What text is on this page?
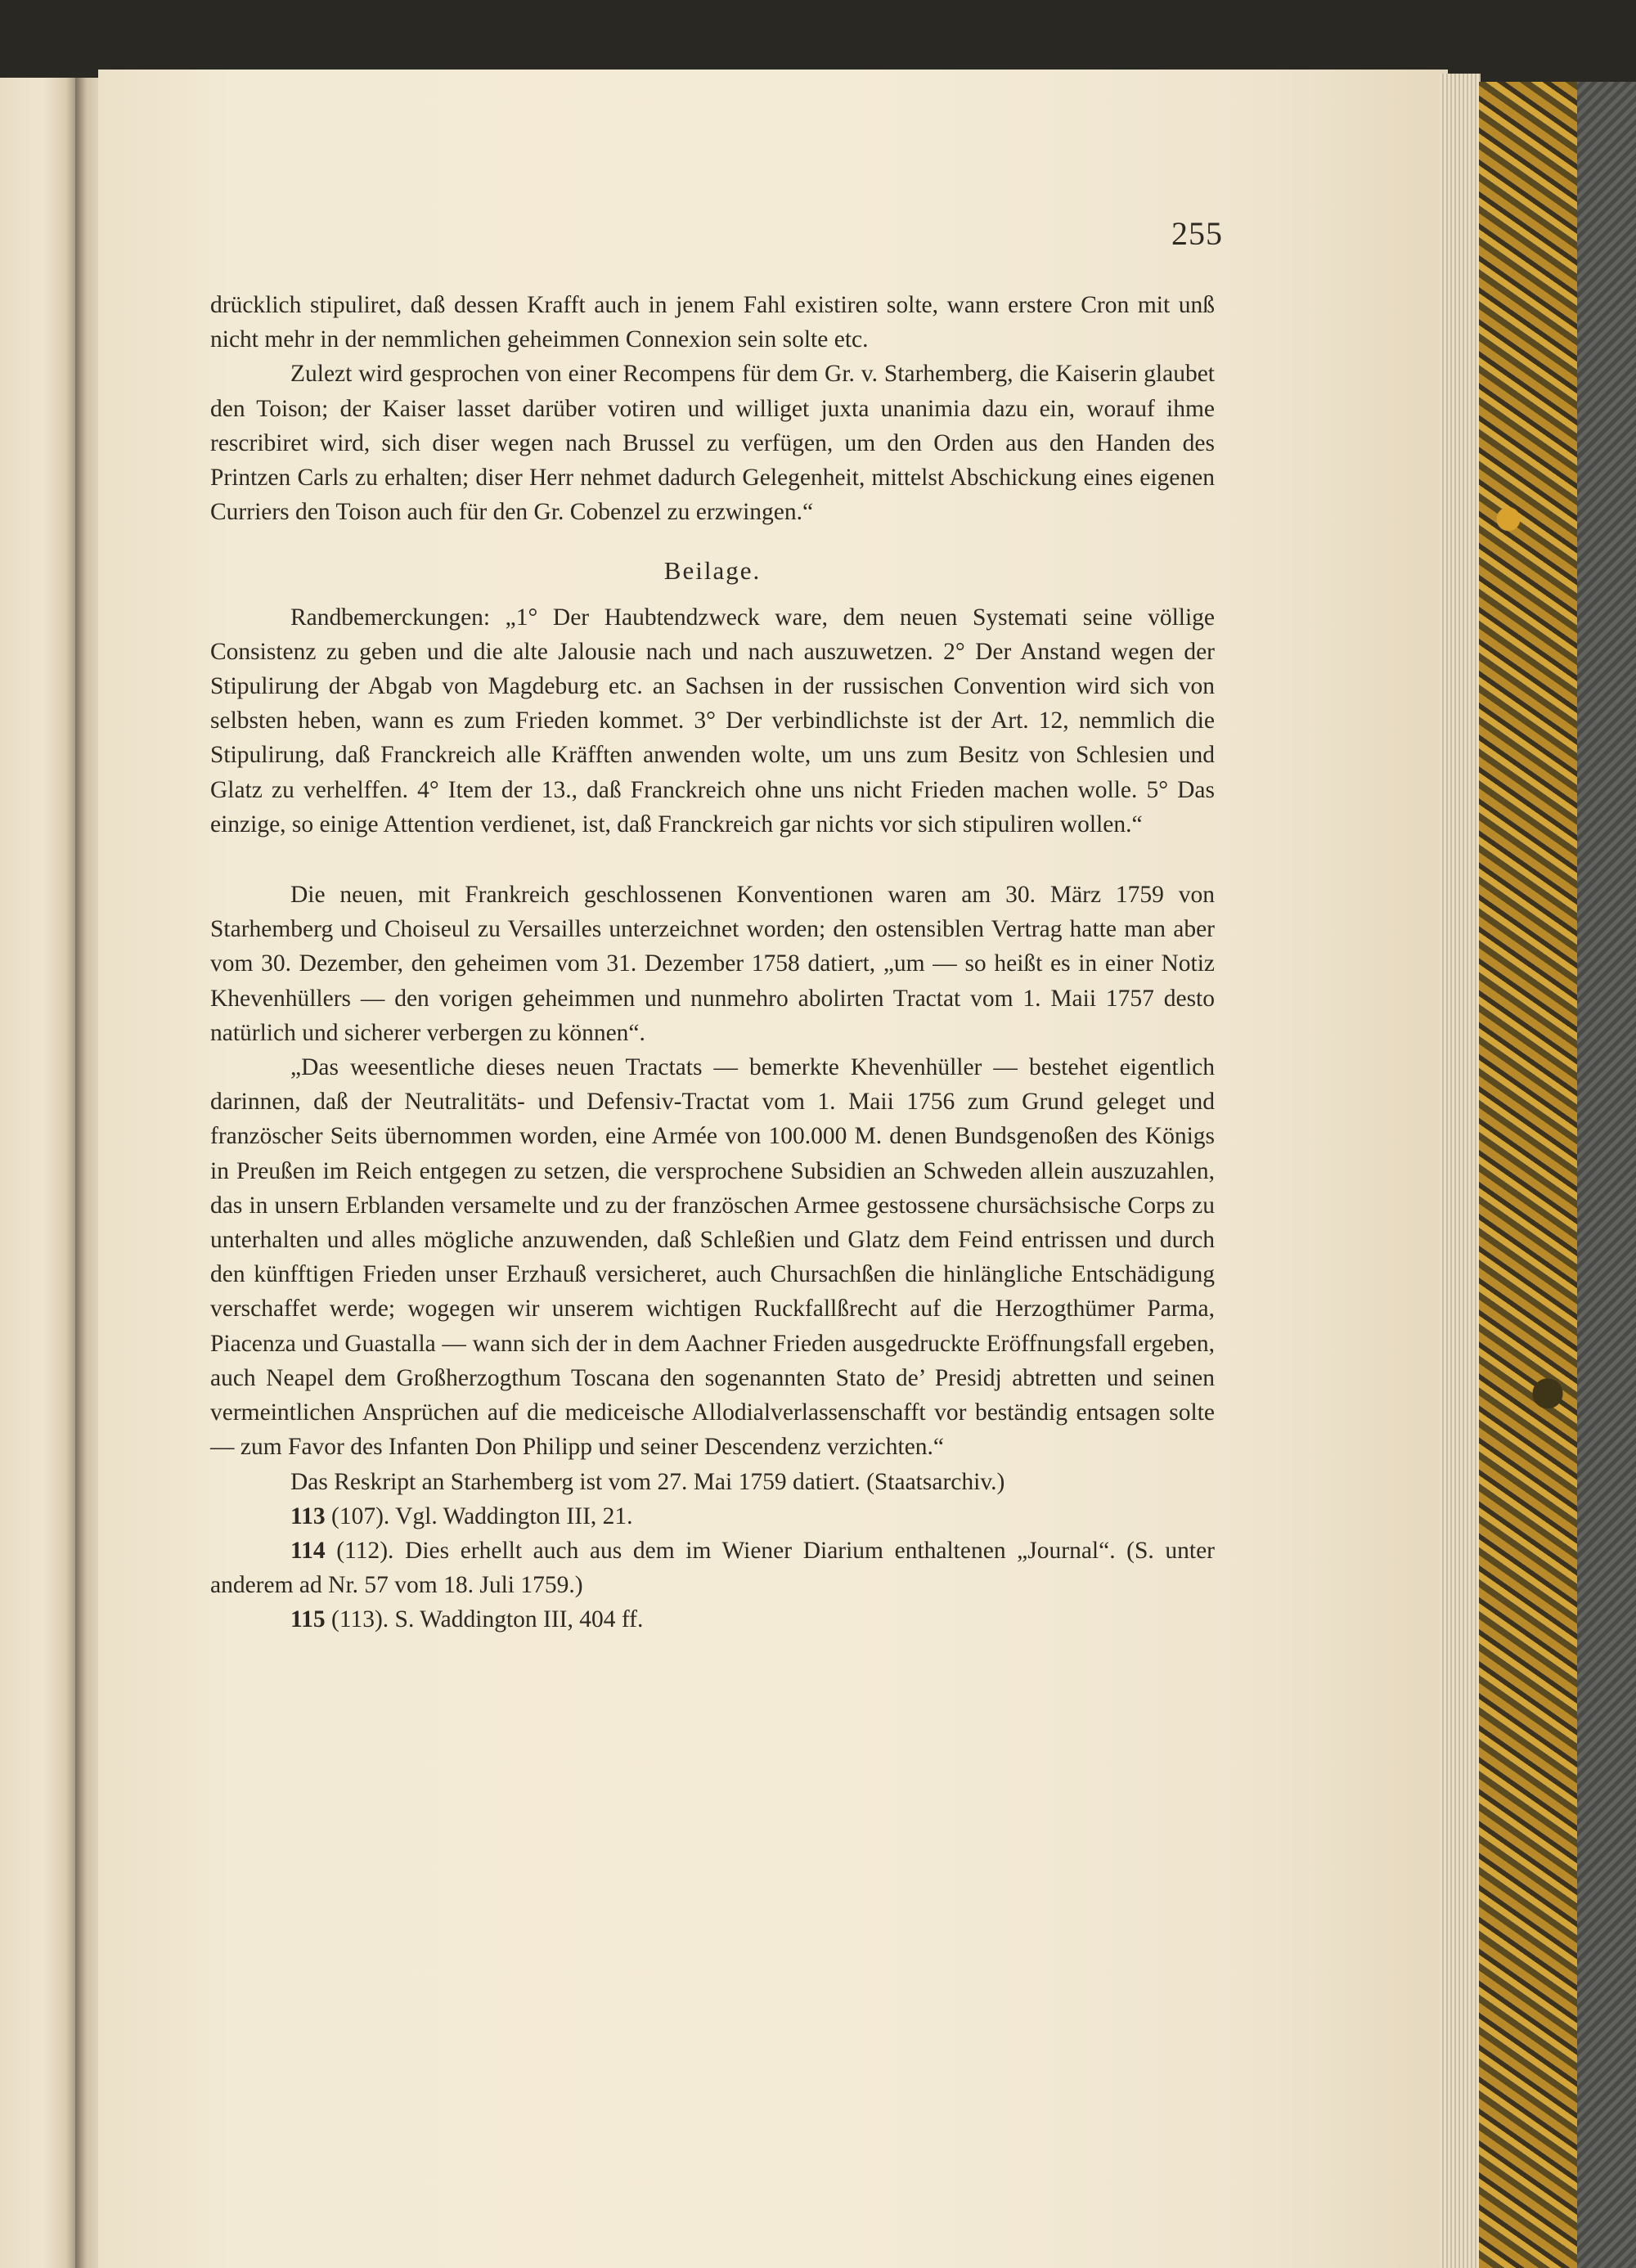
255

drücklich stipuliret, daß dessen Krafft auch in jenem Fahl existiren solte, wann erstere Cron mit unß nicht mehr in der nemmlichen geheimmen Connexion sein solte etc.

Zulezt wird gesprochen von einer Recompens für dem Gr. v. Starhemberg, die Kaiserin glaubet den Toison; der Kaiser lasset darüber votiren und williget juxta unanimia dazu ein, worauf ihme rescribiret wird, sich diser wegen nach Brussel zu verfügen, um den Orden aus den Handen des Printzen Carls zu erhalten; diser Herr nehmet dadurch Gelegenheit, mittelst Abschickung eines eigenen Curriers den Toison auch für den Gr. Cobenzel zu erzwingen.“

Beilage.

Randbemerckungen: „1° Der Haubtendzweck ware, dem neuen Systemati seine völlige Consistenz zu geben und die alte Jalousie nach und nach auszuwetzen. 2° Der Anstand wegen der Stipulirung der Abgab von Magdeburg etc. an Sachsen in der russischen Convention wird sich von selbsten heben, wann es zum Frieden kommet. 3° Der verbindlichste ist der Art. 12, nemmlich die Stipulirung, daß Franckreich alle Kräfften anwenden wolte, um uns zum Besitz von Schlesien und Glatz zu verhelffen. 4° Item der 13., daß Franckreich ohne uns nicht Frieden machen wolle. 5° Das einzige, so einige Attention verdienet, ist, daß Franckreich gar nichts vor sich stipuliren wollen.“

Die neuen, mit Frankreich geschlossenen Konventionen waren am 30. März 1759 von Starhemberg und Choiseul zu Versailles unterzeichnet worden; den ostensiblen Vertrag hatte man aber vom 30. Dezember, den geheimen vom 31. Dezember 1758 datiert, „um — so heißt es in einer Notiz Khevenhüllers — den vorigen geheimmen und nunmehro abolirten Tractat vom 1. Maii 1757 desto natürlich und sicherer verbergen zu können“.

„Das weesentliche dieses neuen Tractats — bemerkte Khevenhüller — bestehet eigentlich darinnen, daß der Neutralitäts- und Defensiv-Tractat vom 1. Maii 1756 zum Grund geleget und französcher Seits übernommen worden, eine Armée von 100.000 M. denen Bundsgenoßen des Königs in Preußen im Reich entgegen zu setzen, die versprochene Subsidien an Schweden allein auszuzahlen, das in unsern Erblanden versamelte und zu der französchen Armee gestossene chursächsische Corps zu unterhalten und alles mögliche anzuwenden, daß Schleßien und Glatz dem Feind entrissen und durch den künfftigen Frieden unser Erzhauß versicheret, auch Chursachßen die hinlängliche Entschädigung verschaffet werde; wogegen wir unserem wichtigen Ruckfallßrecht auf die Herzogthümer Parma, Piacenza und Guastalla — wann sich der in dem Aachner Frieden ausgedruckte Eröffnungsfall ergeben, auch Neapel dem Großherzogthum Toscana den sogenannten Stato de’ Presidj abtretten und seinen vermeintlichen Ansprüchen auf die mediceische Allodialverlassenschafft vor beständig entsagen solte — zum Favor des Infanten Don Philipp und seiner Descendenz verzichten.“

Das Reskript an Starhemberg ist vom 27. Mai 1759 datiert. (Staatsarchiv.)

113 (107). Vgl. Waddington III, 21.

114 (112). Dies erhellt auch aus dem im Wiener Diarium enthaltenen „Journal“. (S. unter anderem ad Nr. 57 vom 18. Juli 1759.)

115 (113). S. Waddington III, 404 ff.
